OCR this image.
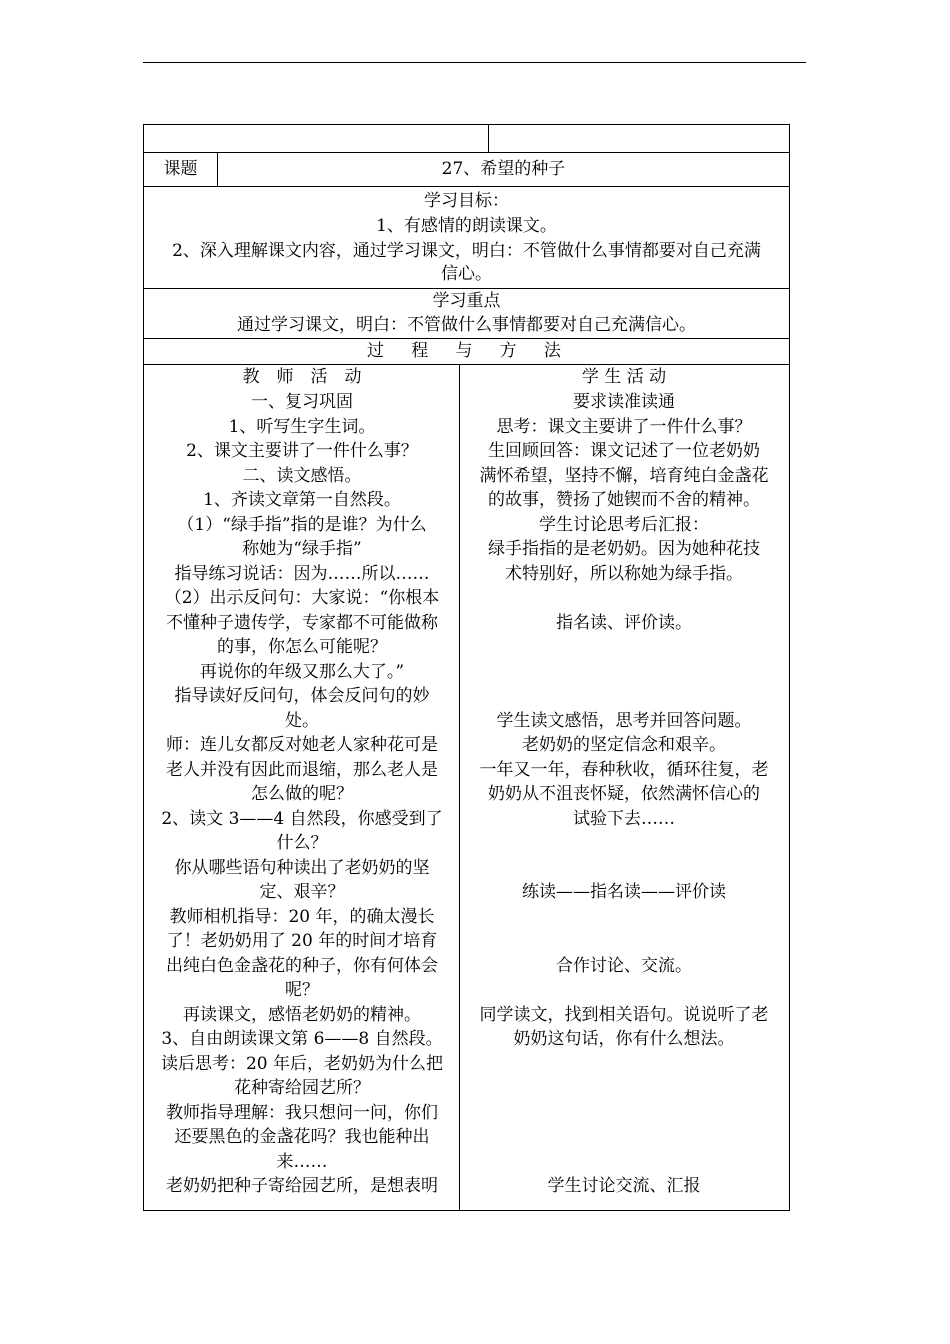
课题	27、希望的种子
学习目标：
1、有感情的朗读课文。
2、深入理解课文内容，通过学习课文，明白：不管做什么事情都要对自己充满
信心。
学习重点
通过学习课文，明白：不管做什么事情都要对自己充满信心。
过　程　与　方　法
教　师　活　动
一、复习巩固
1、听写生字生词。
2、课文主要讲了一件什么事？
二、读文感悟。
1、齐读文章第一自然段。
（1）“绿手指”指的是谁？为什么
称她为“绿手指”
指导练习说话：因为……所以……
（2）出示反问句：大家说：“你根本
不懂种子遗传学，专家都不可能做称
的事，你怎么可能呢？
再说你的年级又那么大了。”
指导读好反问句，体会反问句的妙
处。
师：连儿女都反对她老人家种花可是
老人并没有因此而退缩，那么老人是
怎么做的呢？
2、读文 3——4 自然段，你感受到了
什么？
你从哪些语句种读出了老奶奶的坚
定、艰辛？
教师相机指导：20 年，的确太漫长
了！老奶奶用了 20 年的时间才培育
出纯白色金盏花的种子，你有何体会
呢？
再读课文，感悟老奶奶的精神。
3、自由朗读课文第 6——8 自然段。
读后思考：20 年后，老奶奶为什么把
花种寄给园艺所？
教师指导理解：我只想问一问，你们
还要黑色的金盏花吗？我也能种出
来……
老奶奶把种子寄给园艺所，是想表明
学 生 活 动
要求读准读通
思考：课文主要讲了一件什么事？
生回顾回答：课文记述了一位老奶奶
满怀希望，坚持不懈，培育纯白金盏花
的故事，赞扬了她锲而不舍的精神。
学生讨论思考后汇报：
绿手指指的是老奶奶。因为她种花技
术特别好，所以称她为绿手指。
指名读、评价读。
学生读文感悟，思考并回答问题。
老奶奶的坚定信念和艰辛。
一年又一年，春种秋收，循环往复，老
奶奶从不沮丧怀疑，依然满怀信心的
试验下去……
练读——指名读——评价读
合作讨论、交流。
同学读文，找到相关语句。说说听了老
奶奶这句话，你有什么想法。
学生讨论交流、汇报
